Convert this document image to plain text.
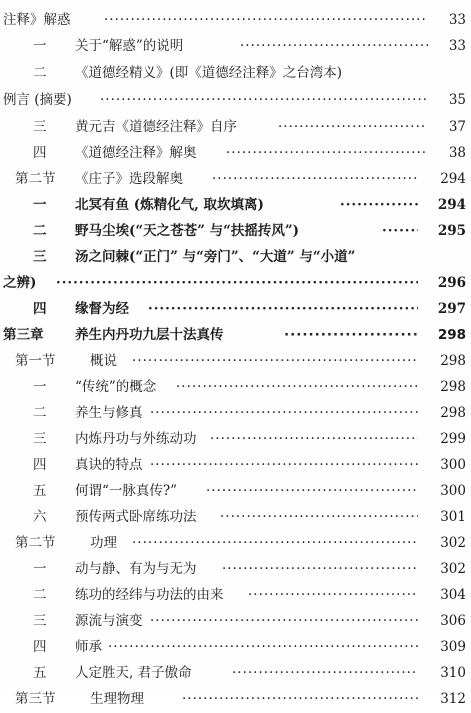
注释》解惑 ·····	33
一 关于“解惑”的说明 ·····	33
二 《道德经精义》(即《道德经注释》之台湾本)
例言 (摘要) ·····	35
三 黄元吉《道德经注释》自序 ·····	37
四 《道德经注释》解奥 ·····	38
第二节 《庄子》选段解奥 ·····	294
一 北冥有鱼 (炼精化气, 取坎填离) ·····	294
二 野马尘埃(“天之苍苍” 与“扶摇抟风”) ·····	295
三 汤之问棘(“正门” 与“旁门”、“大道” 与“小道”
之辨) ·····	296
四 缘督为经 ·····	297
第三章 养生内丹功九层十法真传 ·····	298
第一节	概说 ·····	298
一 “传统”的概念 ·····	298
二 养生与修真 ·····	298
三 内炼丹功与外练动功 ·····	299
四 真诀的特点 ·····	300
五 何谓“一脉真传?” ·····	300
六 预传两式卧席练功法 ·····	301
第二节	功理 ·····	302
一 动与静、有为与无为 ·····	302
二 练功的经纬与功法的由来 ·····	304
三 源流与演变 ·····	306
四 师承 ·····	309
五 人定胜天, 君子傲命 ·····	310
第三节	生理物理 ·····	312
